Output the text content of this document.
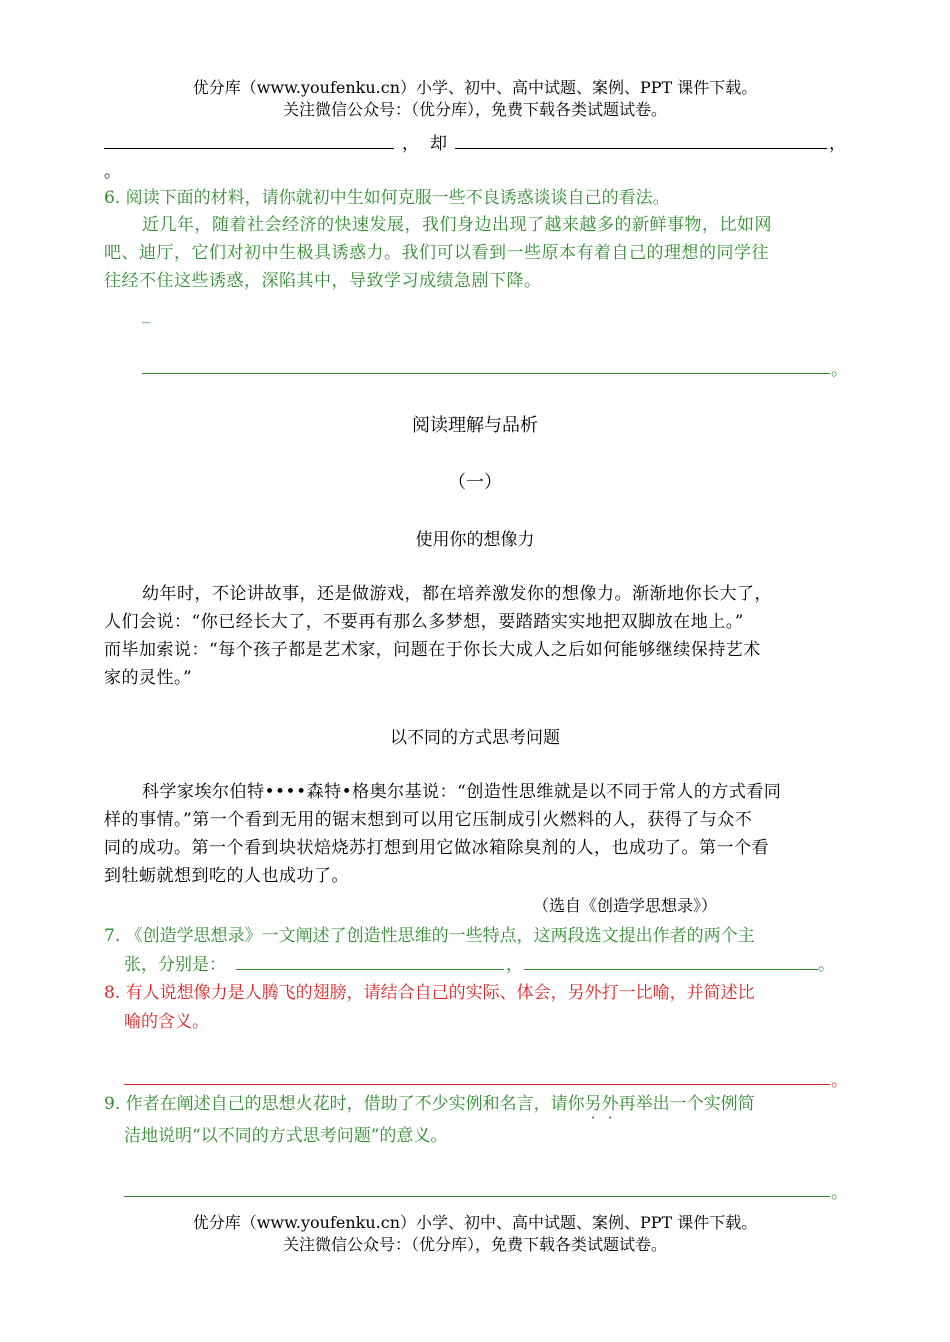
优分库（www.youfenku.cn）小学、初中、高中试题、案例、PPT 课件下载。
关注微信公众号：（优分库），免费下载各类试题试卷。
， 却	，
。
6. 阅读下面的材料，请你就初中生如何克服一些不良诱惑谈谈自己的看法。
近几年，随着社会经济的快速发展，我们身边出现了越来越多的新鲜事物，比如网
吧、迪厅，它们对初中生极具诱惑力。我们可以看到一些原本有着自己的理想的同学往
往经不住这些诱惑，深陷其中，导致学习成绩急剧下降。
_
。
阅读理解与品析
（一）
使用你的想像力
幼年时，不论讲故事，还是做游戏，都在培养激发你的想像力。渐渐地你长大了，
人们会说：“你已经长大了，不要再有那么多梦想，要踏踏实实地把双脚放在地上。”
而毕加索说：“每个孩子都是艺术家，问题在于你长大成人之后如何能够继续保持艺术
家的灵性。”
以不同的方式思考问题
科学家埃尔伯特••••森特•格奥尔基说：“创造性思维就是以不同于常人的方式看同
样的事情。”第一个看到无用的锯末想到可以用它压制成引火燃料的人，获得了与众不
同的成功。第一个看到块状焙烧苏打想到用它做冰箱除臭剂的人，也成功了。第一个看
到牡蛎就想到吃的人也成功了。
（选自《创造学思想录》）
7. 《创造学思想录》一文阐述了创造性思维的一些特点，这两段选文提出作者的两个主
张，分别是：	，	。
8. 有人说想像力是人腾飞的翅膀，请结合自己的实际、体会，另外打一比喻，并简述比
喻的含义。
。
9. 作者在阐述自己的思想火花时，借助了不少实例和名言，请你另外再举出一个实例简
洁地说明“以不同的方式思考问题”的意义。
。
优分库（www.youfenku.cn）小学、初中、高中试题、案例、PPT 课件下载。
关注微信公众号：（优分库），免费下载各类试题试卷。
